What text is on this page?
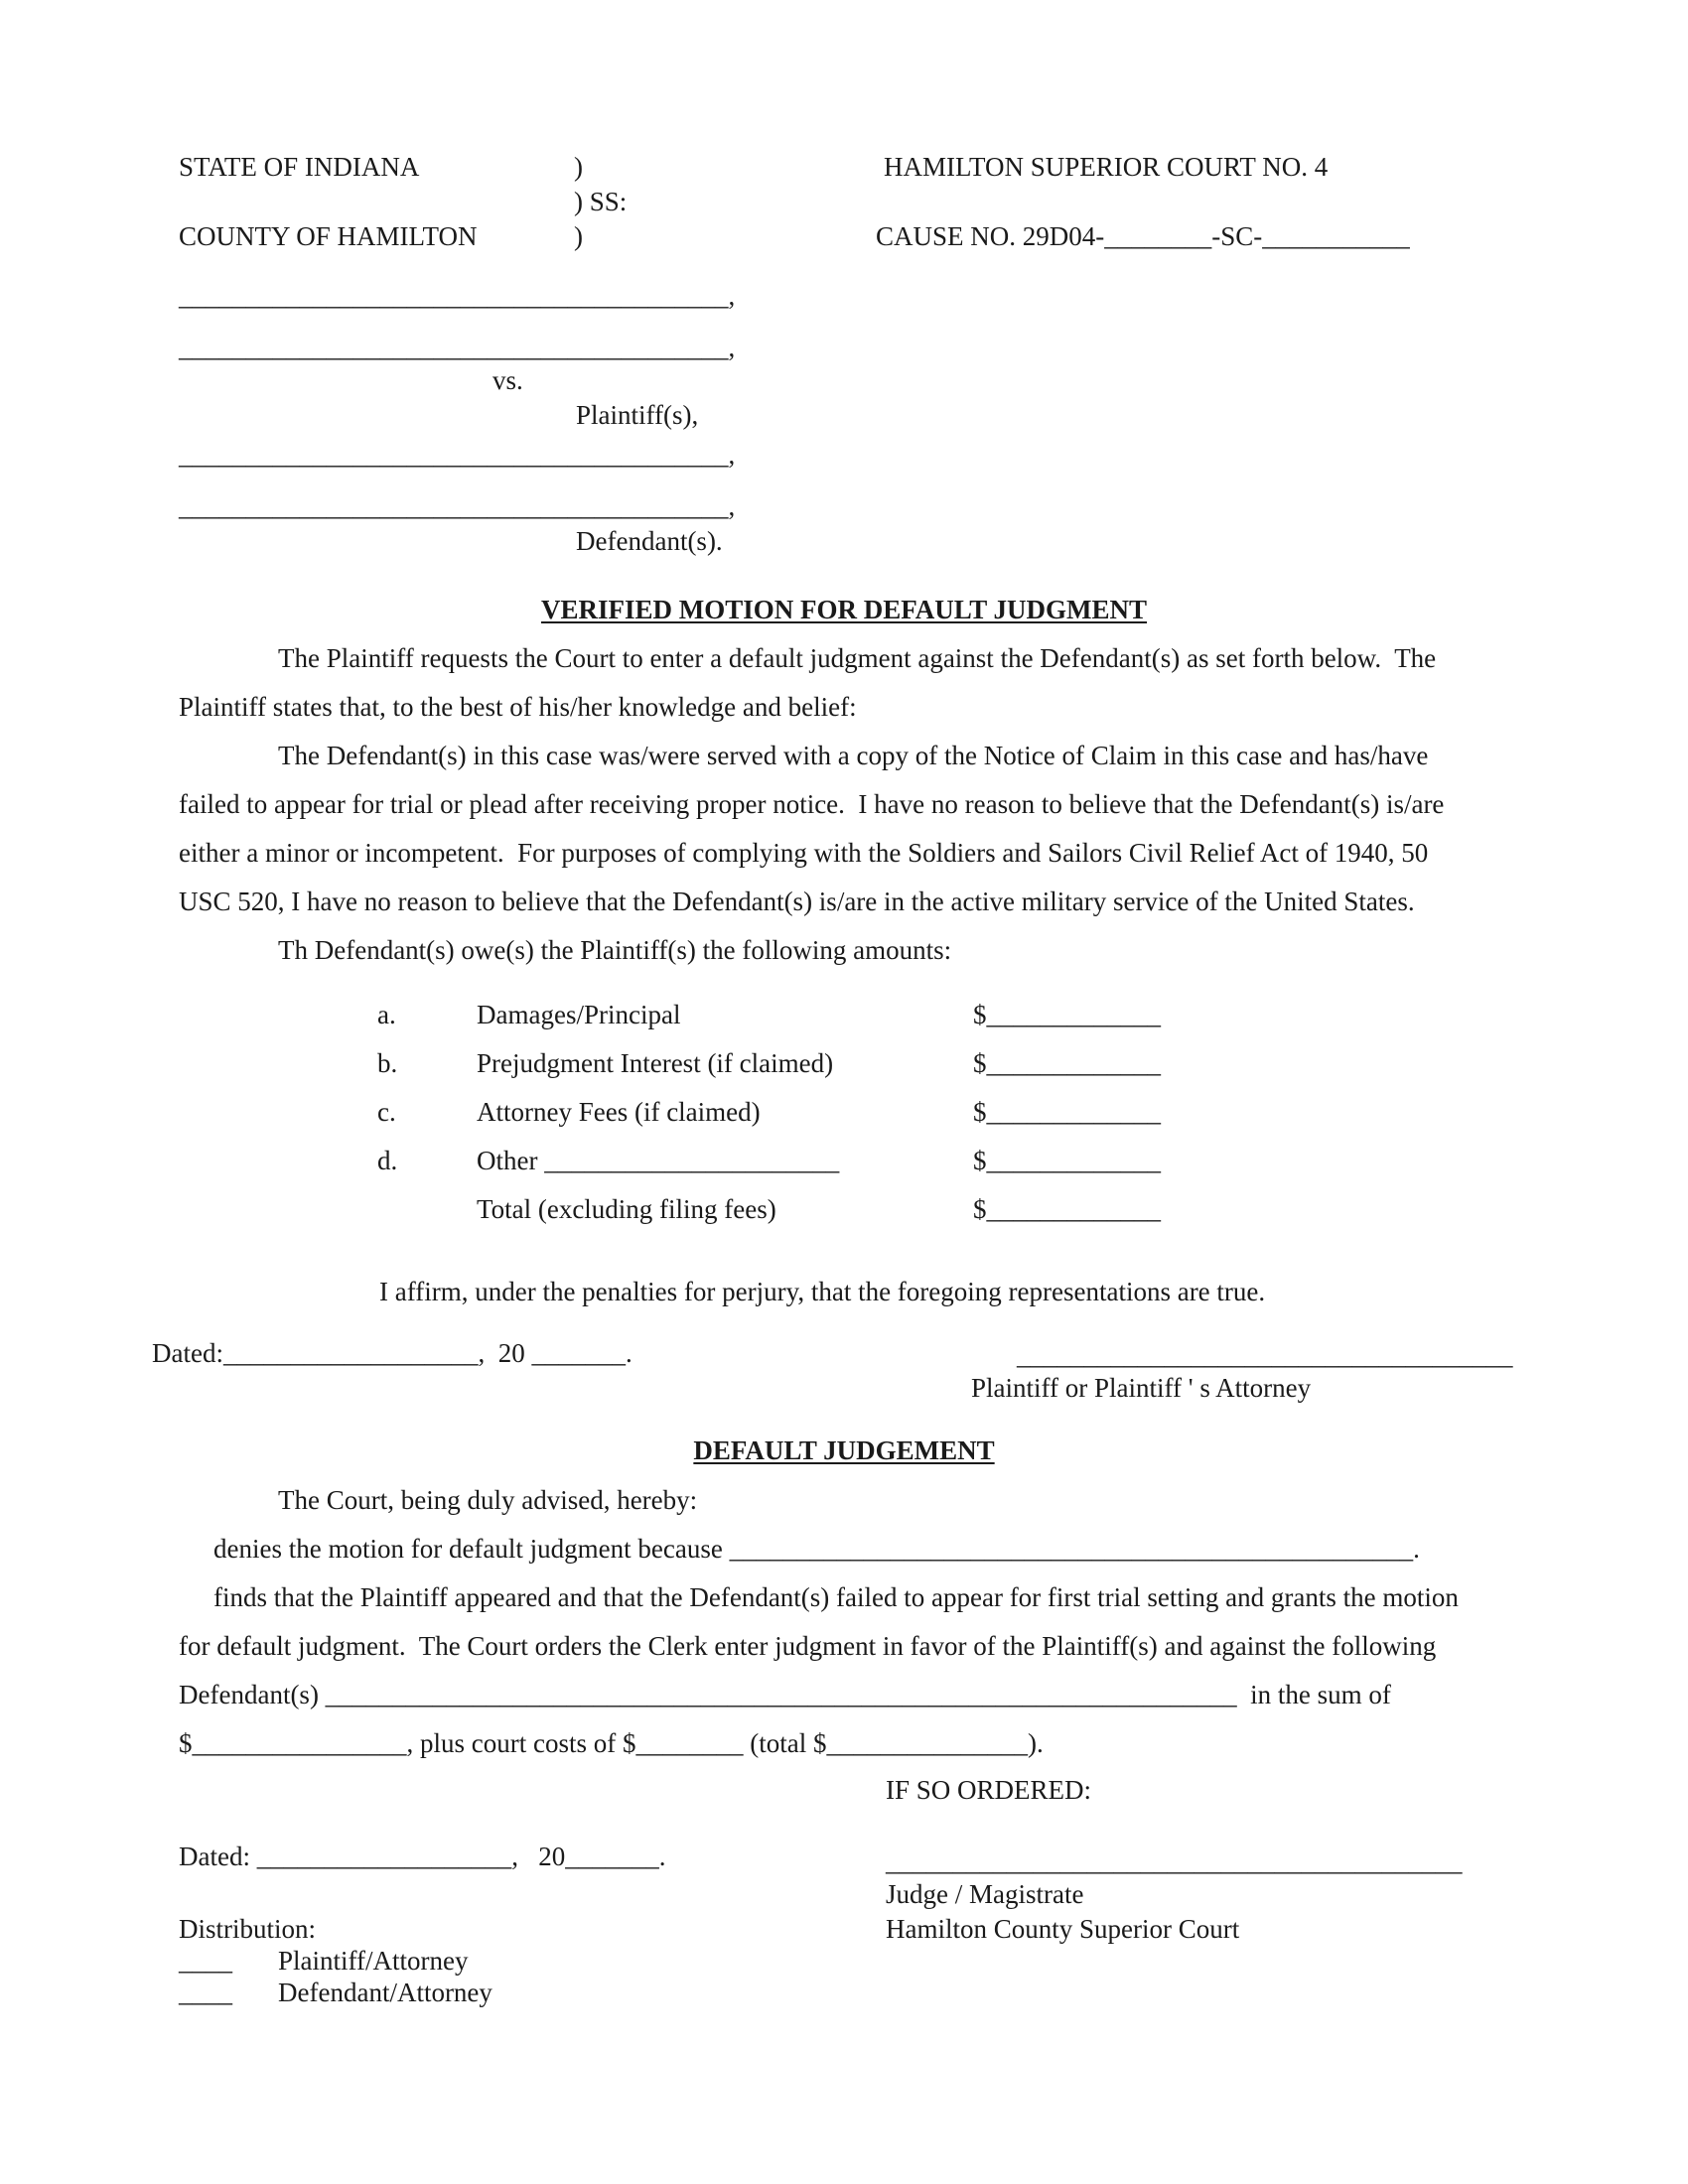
STATE OF INDIANA	)
) SS:
COUNTY OF HAMILTON	)
HAMILTON SUPERIOR COURT NO. 4
CAUSE NO. 29D04-________-SC-___________
_________________________________________,
_________________________________________,
vs.
Plaintiff(s),
_________________________________________,
_________________________________________,
Defendant(s).
VERIFIED MOTION FOR DEFAULT JUDGMENT
The Plaintiff requests the Court to enter a default judgment against the Defendant(s) as set forth below.  The
Plaintiff states that, to the best of his/her knowledge and belief:
The Defendant(s) in this case was/were served with a copy of the Notice of Claim in this case and has/have
failed to appear for trial or plead after receiving proper notice.  I have no reason to believe that the Defendant(s) is/are
either a minor or incompetent.  For purposes of complying with the Soldiers and Sailors Civil Relief Act of 1940, 50
USC 520, I have no reason to believe that the Defendant(s) is/are in the active military service of the United States.
Th Defendant(s) owe(s) the Plaintiff(s) the following amounts:
a.	Damages/Principal	$_____________
b.	Prejudgment Interest (if claimed)	$_____________
c.	Attorney Fees (if claimed)	$_____________
d.	Other ______________________	$_____________
Total (excluding filing fees)	$_____________
I affirm, under the penalties for perjury, that the foregoing representations are true.
Dated:___________________,  20 _______.	_____________________________________
Plaintiff or Plaintiff ' s Attorney
DEFAULT JUDGEMENT
The Court, being duly advised, hereby:
denies the motion for default judgment because ___________________________________________________.
finds that the Plaintiff appeared and that the Defendant(s) failed to appear for first trial setting and grants the motion
for default judgment.  The Court orders the Clerk enter judgment in favor of the Plaintiff(s) and against the following
Defendant(s) ____________________________________________________________________  in the sum of
$________________, plus court costs of $________ (total $_______________).
IF SO ORDERED:
Dated: ___________________,   20_______.	___________________________________________
Judge / Magistrate
Hamilton County Superior Court
Distribution:
____ Plaintiff/Attorney
____ Defendant/Attorney
